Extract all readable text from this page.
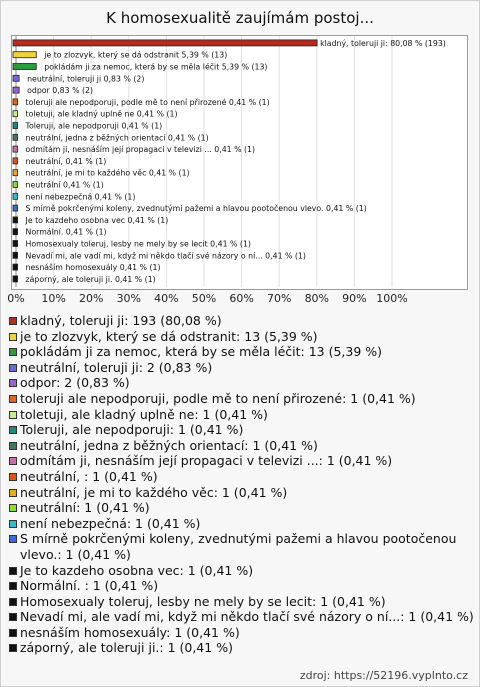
K homosexualitě zaujímám postoj...
0% 10% 20% 30% 40% 50% 60% 70% 80% 90% 100%
kladný, toleruji ji: 80,08 % (193)
je to zlozvyk, který se dá odstranit 5,39 % (13)
pokládám ji za nemoc, která by se měla léčit 5,39 % (13)
neutrální, toleruji ji 0,83 % (2)
odpor 0,83 % (2)
toleruji ale nepodporuji, podle mě to není přirozené 0,41 % (1)
toletuji, ale kladný uplně ne 0,41 % (1)
Toleruji, ale nepodporuji 0,41 % (1)
neutrální, jedna z běžných orientací 0,41 % (1)
odmítám ji, nesnáším její propagaci v televizi ... 0,41 % (1)
neutrální, 0,41 % (1)
neutrální, je mi to každého věc 0,41 % (1)
neutrální 0,41 % (1)
není nebezpečná 0,41 % (1)
S mírně pokrčenými koleny, zvednutými pažemi a hlavou pootočenou vlevo. 0,41 % (1)
Je to kazdeho osobna vec 0,41 % (1)
Normální. 0,41 % (1)
Homosexualy toleruj, lesby ne mely by se lecit 0,41 % (1)
Nevadí mi, ale vadí mi, když mi někdo tlačí své názory o ní... 0,41 % (1)
nesnáším homosexuály 0,41 % (1)
záporný, ale toleruji ji. 0,41 % (1)
kladný, toleruji ji: 193 (80,08 %)
je to zlozvyk, který se dá odstranit: 13 (5,39 %)
pokládám ji za nemoc, která by se měla léčit: 13 (5,39 %)
neutrální, toleruji ji: 2 (0,83 %)
odpor: 2 (0,83 %)
toleruji ale nepodporuji, podle mě to není přirozené: 1 (0,41 %)
toletuji, ale kladný uplně ne: 1 (0,41 %)
Toleruji, ale nepodporuji: 1 (0,41 %)
neutrální, jedna z běžných orientací: 1 (0,41 %)
odmítám ji, nesnáším její propagaci v televizi ...: 1 (0,41 %)
neutrální, : 1 (0,41 %)
neutrální, je mi to každého věc: 1 (0,41 %)
neutrální: 1 (0,41 %)
není nebezpečná: 1 (0,41 %)
S mírně pokrčenými koleny, zvednutými pažemi a hlavou pootočenou vlevo.: 1 (0,41 %)
Je to kazdeho osobna vec: 1 (0,41 %)
Normální. : 1 (0,41 %)
Homosexualy toleruj, lesby ne mely by se lecit: 1 (0,41 %)
Nevadí mi, ale vadí mi, když mi někdo tlačí své názory o ní...: 1 (0,41 %)
nesnáším homosexuály: 1 (0,41 %)
záporný, ale toleruji ji.: 1 (0,41 %)
zdroj: https://52196.vyplnto.cz
